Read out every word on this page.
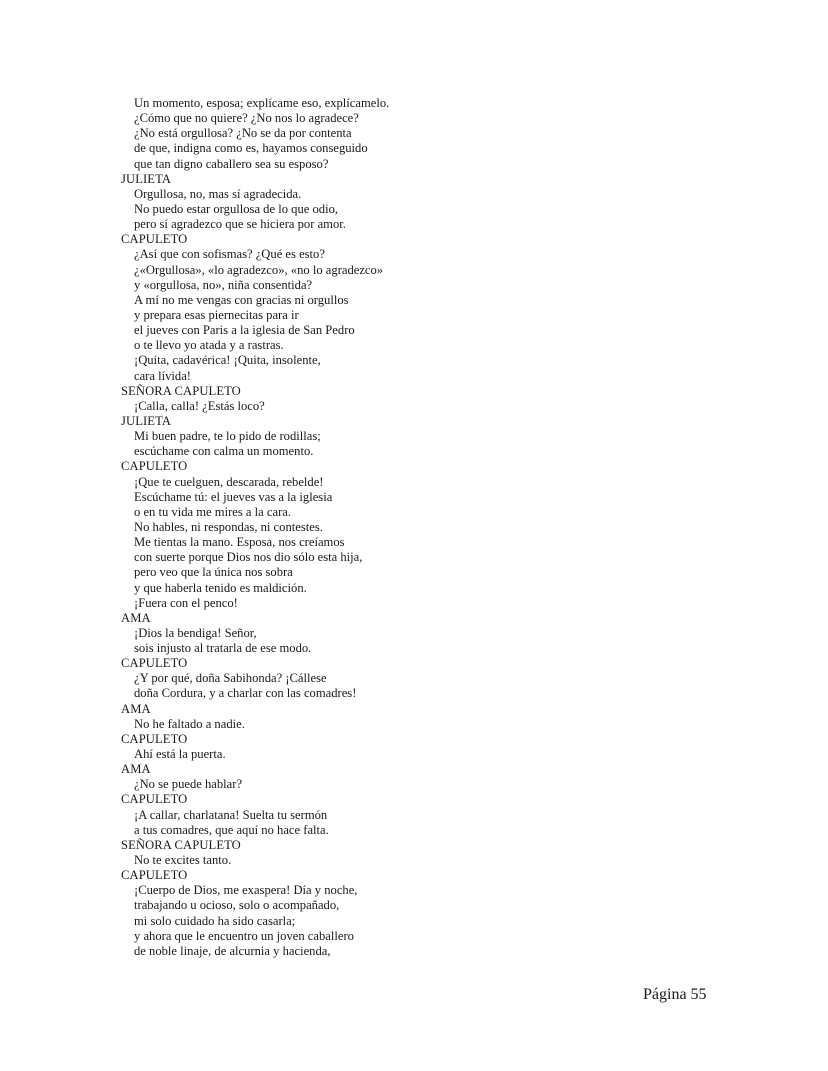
Un momento, esposa; explícame eso, explícamelo.
¿Cómo que no quiere? ¿No nos lo agradece?
¿No está orgullosa? ¿No se da por contenta
de que, indigna como es, hayamos conseguido
que tan digno caballero sea su esposo?
JULIETA
Orgullosa, no, mas sí agradecida.
No puedo estar orgullosa de lo que odio,
pero sí agradezco que se hiciera por amor.
CAPULETO
¿Así que con sofismas? ¿Qué es esto?
¿«Orgullosa», «lo agradezco», «no lo agradezco»
y «orgullosa, no», niña consentida?
A mí no me vengas con gracias ni orgullos
y prepara esas piernecitas para ir
el jueves con Paris a la iglesia de San Pedro
o te llevo yo atada y a rastras.
¡Quita, cadavérica! ¡Quita, insolente,
cara lívida!
SEÑORA CAPULETO
¡Calla, calla! ¿Estás loco?
JULIETA
Mi buen padre, te lo pido de rodillas;
escúchame con calma un momento.
CAPULETO
¡Que te cuelguen, descarada, rebelde!
Escúchame tú: el jueves vas a la iglesia
o en tu vida me mires a la cara.
No hables, ni respondas, ni contestes.
Me tientas la mano. Esposa, nos creíamos
con suerte porque Dios nos dio sólo esta hija,
pero veo que la única nos sobra
y que haberla tenido es maldición.
¡Fuera con el penco!
AMA
¡Dios la bendiga! Señor,
sois injusto al tratarla de ese modo.
CAPULETO
¿Y por qué, doña Sabihonda? ¡Cállese
doña Cordura, y a charlar con las comadres!
AMA
No he faltado a nadie.
CAPULETO
Ahí está la puerta.
AMA
¿No se puede hablar?
CAPULETO
¡A callar, charlatana! Suelta tu sermón
a tus comadres, que aquí no hace falta.
SEÑORA CAPULETO
No te excites tanto.
CAPULETO
¡Cuerpo de Dios, me exaspera! Día y noche,
trabajando u ocioso, solo o acompañado,
mi solo cuidado ha sido casarla;
y ahora que le encuentro un joven caballero
de noble linaje, de alcurnia y hacienda,
Página 55
